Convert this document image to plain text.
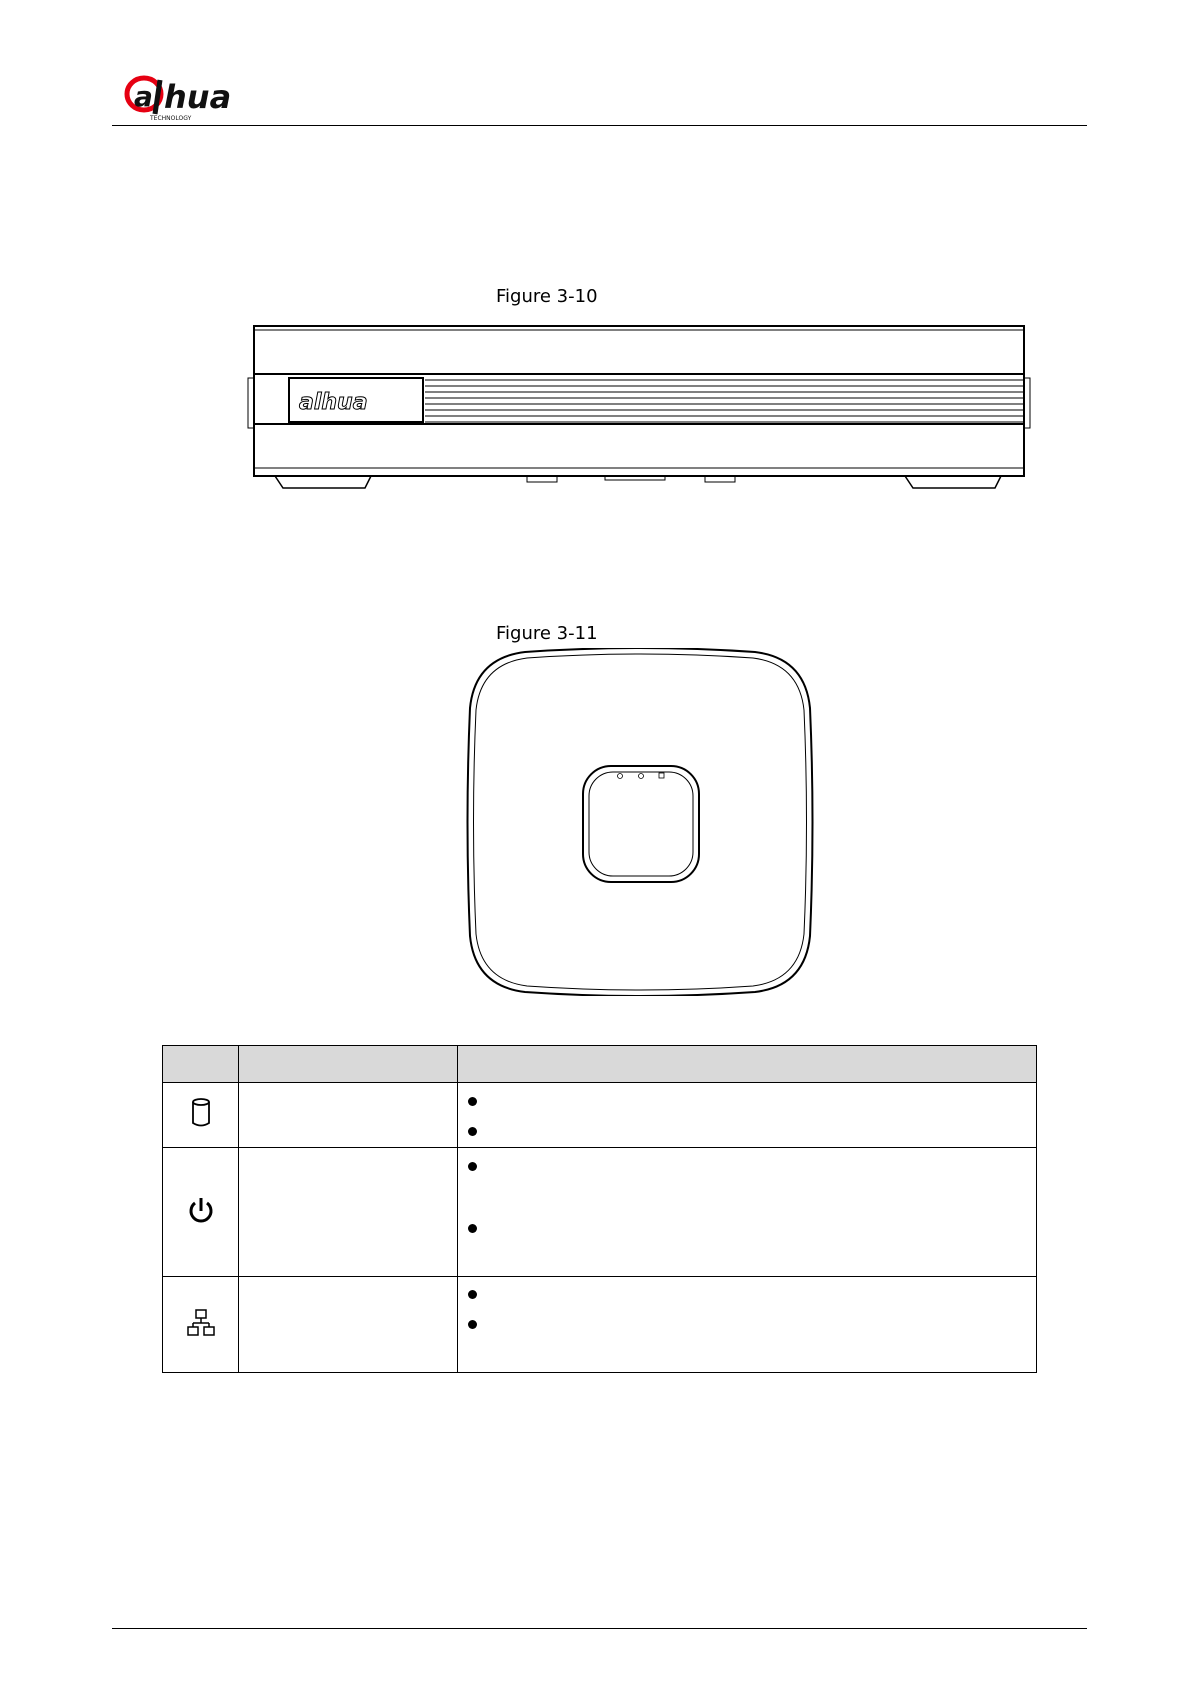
a hua
TECHNOLOGY
Figure 3-10
alhua
Figure 3-11
